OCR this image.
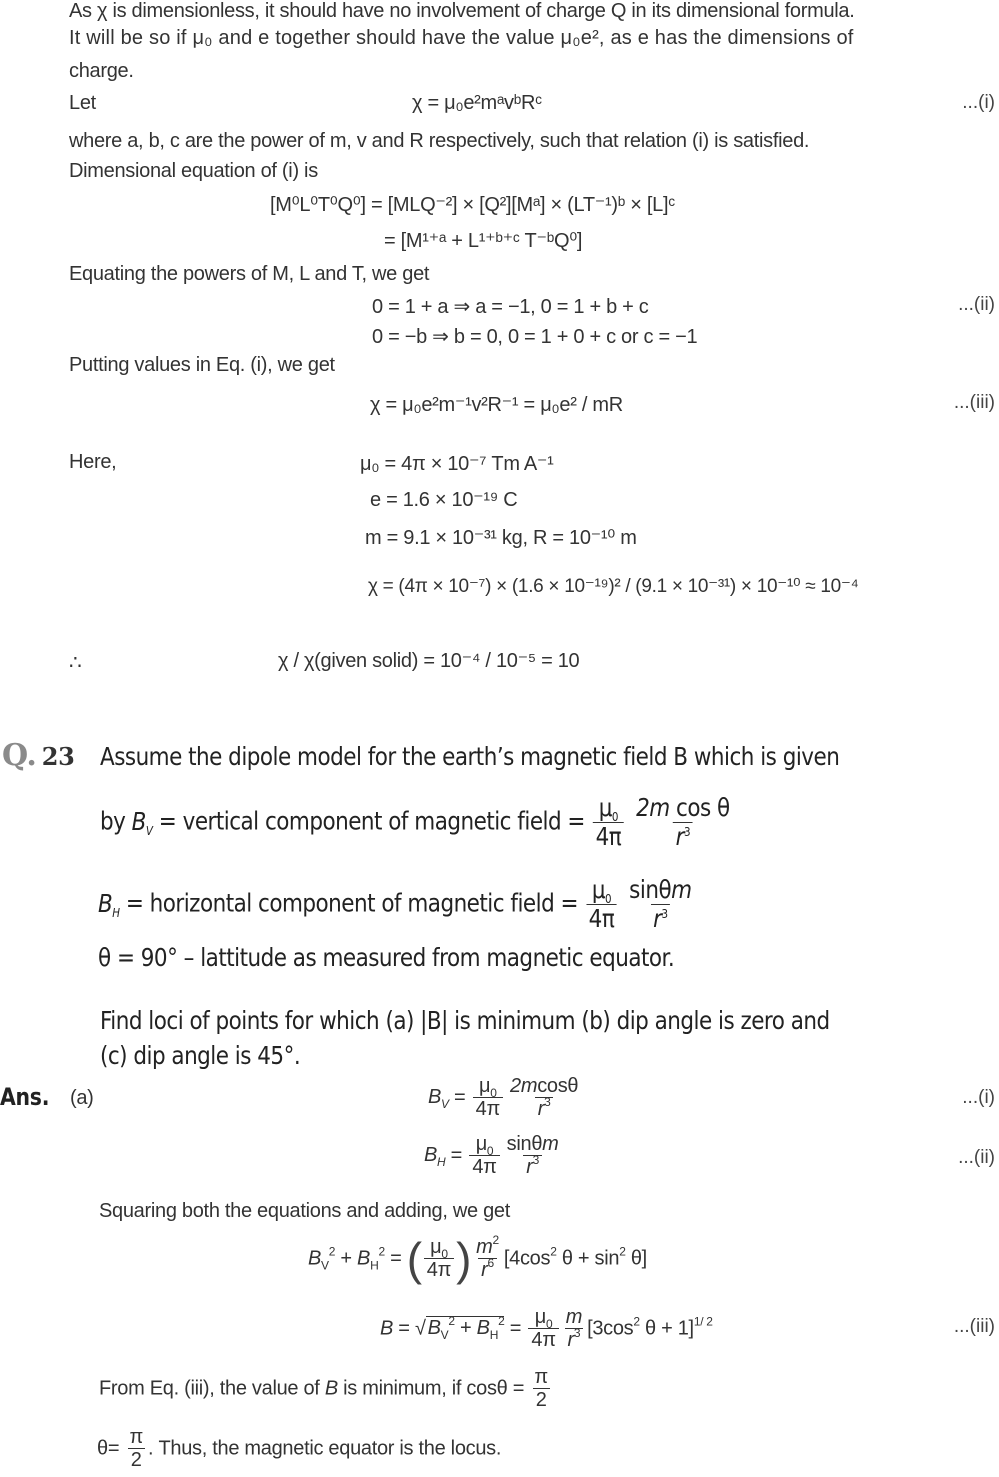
As χ is dimensionless, it should have no involvement of charge Q in its dimensional formula.
It will be so if μ₀ and e together should have the value μ₀e², as e has the dimensions of
charge.
Let	χ = μ₀e²mᵃvᵇRᶜ	...(i)
where a, b, c are the power of m, v and R respectively, such that relation (i) is satisfied.
Dimensional equation of (i) is
[M⁰L⁰T⁰Q⁰] = [MLQ⁻²] × [Q²][Mᵃ] × (LT⁻¹)ᵇ × [L]ᶜ
= [M¹⁺ᵃ + L¹⁺ᵇ⁺ᶜ T⁻ᵇQ⁰]
Equating the powers of M, L and T, we get
0 = 1 + a ⇒ a = −1, 0 = 1 + b + c	...(ii)
0 = −b ⇒ b = 0, 0 = 1 + 0 + c or c = −1
Putting values in Eq. (i), we get
χ = μ₀e²m⁻¹v²R⁻¹ = μ₀e² / mR	...(iii)
Here,	μ₀ = 4π × 10⁻⁷ Tm A⁻¹
e = 1.6 × 10⁻¹⁹ C
m = 9.1 × 10⁻³¹ kg, R = 10⁻¹⁰ m
χ = (4π × 10⁻⁷) × (1.6 × 10⁻¹⁹)² / (9.1 × 10⁻³¹) × 10⁻¹⁰ ≈ 10⁻⁴
∴	χ / χ(given solid) = 10⁻⁴ / 10⁻⁵ = 10
Q. 23 Assume the dipole model for the earth’s magnetic field B which is given
by $B_V$ = vertical component of magnetic field = $\frac{\mu_0}{4\pi}$
$\frac{\text{2m cos θ}}{r^3}$
$B_H$ = horizontal component of magnetic field = $\frac{\mu_0}{4\pi}$
$\frac{\sin\theta m}{r^3}$
θ = 90° – lattitude as measured from magnetic equator.
Find loci of points for which (a) |B| is minimum (b) dip angle is zero and
(c) dip angle is 45°.
Ans. (a)	$B_V = \frac{\mu_0}{4\pi} \frac{2mcos\theta}{r^3}$	...(i)
$B_H = \frac{\mu_0}{4\pi} \frac{\sin\theta m}{r^3}$	...(ii)
Squaring both the equations and adding, we get
$B_V^2 + B_H^2$ = ( $\frac{\mu_0}{4\pi}$ ) $\frac{m^2}{r^6} [4\cos^2$ $\theta + \sin^2 \theta$]
B = √ $B_V^2 + B_H^2 = \frac{\mu_0}{4\pi} \frac{m}{r^3} [3\cos^2$ θ + 1]$^{1/ 2}$	...(iii)
From Eq. (iii), the value of B is minimum, if $\cos\theta = \frac{\pi}{2}$
$\theta= \frac{\pi}{2}$ . Thus, the magnetic equator is the locus.
